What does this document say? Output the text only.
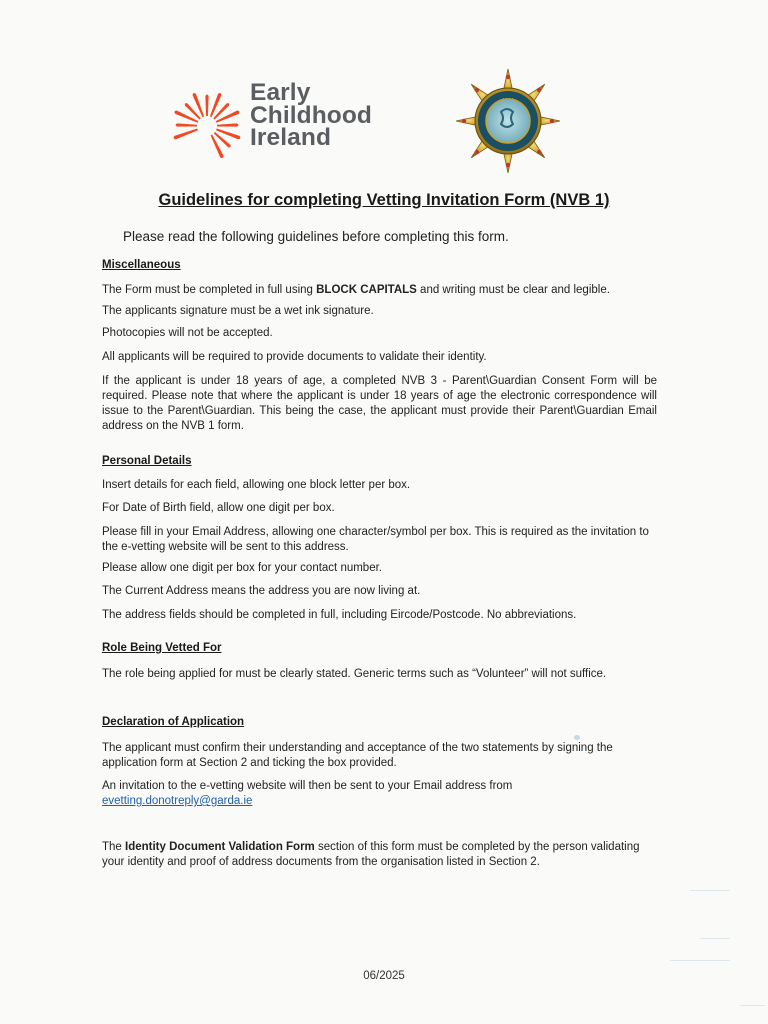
Early
Childhood
Ireland
· · · ·
Guidelines for completing Vetting Invitation Form (NVB 1)
Please read the following guidelines before completing this form.
Miscellaneous
The Form must be completed in full using BLOCK CAPITALS and writing must be clear and legible.
The applicants signature must be a wet ink signature.
Photocopies will not be accepted.
All applicants will be required to provide documents to validate their identity.
If the applicant is under 18 years of age, a completed NVB 3 - Parent\Guardian Consent Form will be required. Please note that where the applicant is under 18 years of age the electronic correspondence will issue to the Parent\Guardian. This being the case, the applicant must provide their Parent\Guardian Email address on the NVB 1 form.
Personal Details
Insert details for each field, allowing one block letter per box.
For Date of Birth field, allow one digit per box.
Please fill in your Email Address, allowing one character/symbol per box. This is required as the invitation to the e-vetting website will be sent to this address.
Please allow one digit per box for your contact number.
The Current Address means the address you are now living at.
The address fields should be completed in full, including Eircode/Postcode. No abbreviations.
Role Being Vetted For
The role being applied for must be clearly stated. Generic terms such as “Volunteer” will not suffice.
Declaration of Application
The applicant must confirm their understanding and acceptance of the two statements by signing the application form at Section 2 and ticking the box provided.
An invitation to the e-vetting website will then be sent to your Email address from
evetting.donotreply@garda.ie
The Identity Document Validation Form section of this form must be completed by the person validating your identity and proof of address documents from the organisation listed in Section 2.
06/2025
